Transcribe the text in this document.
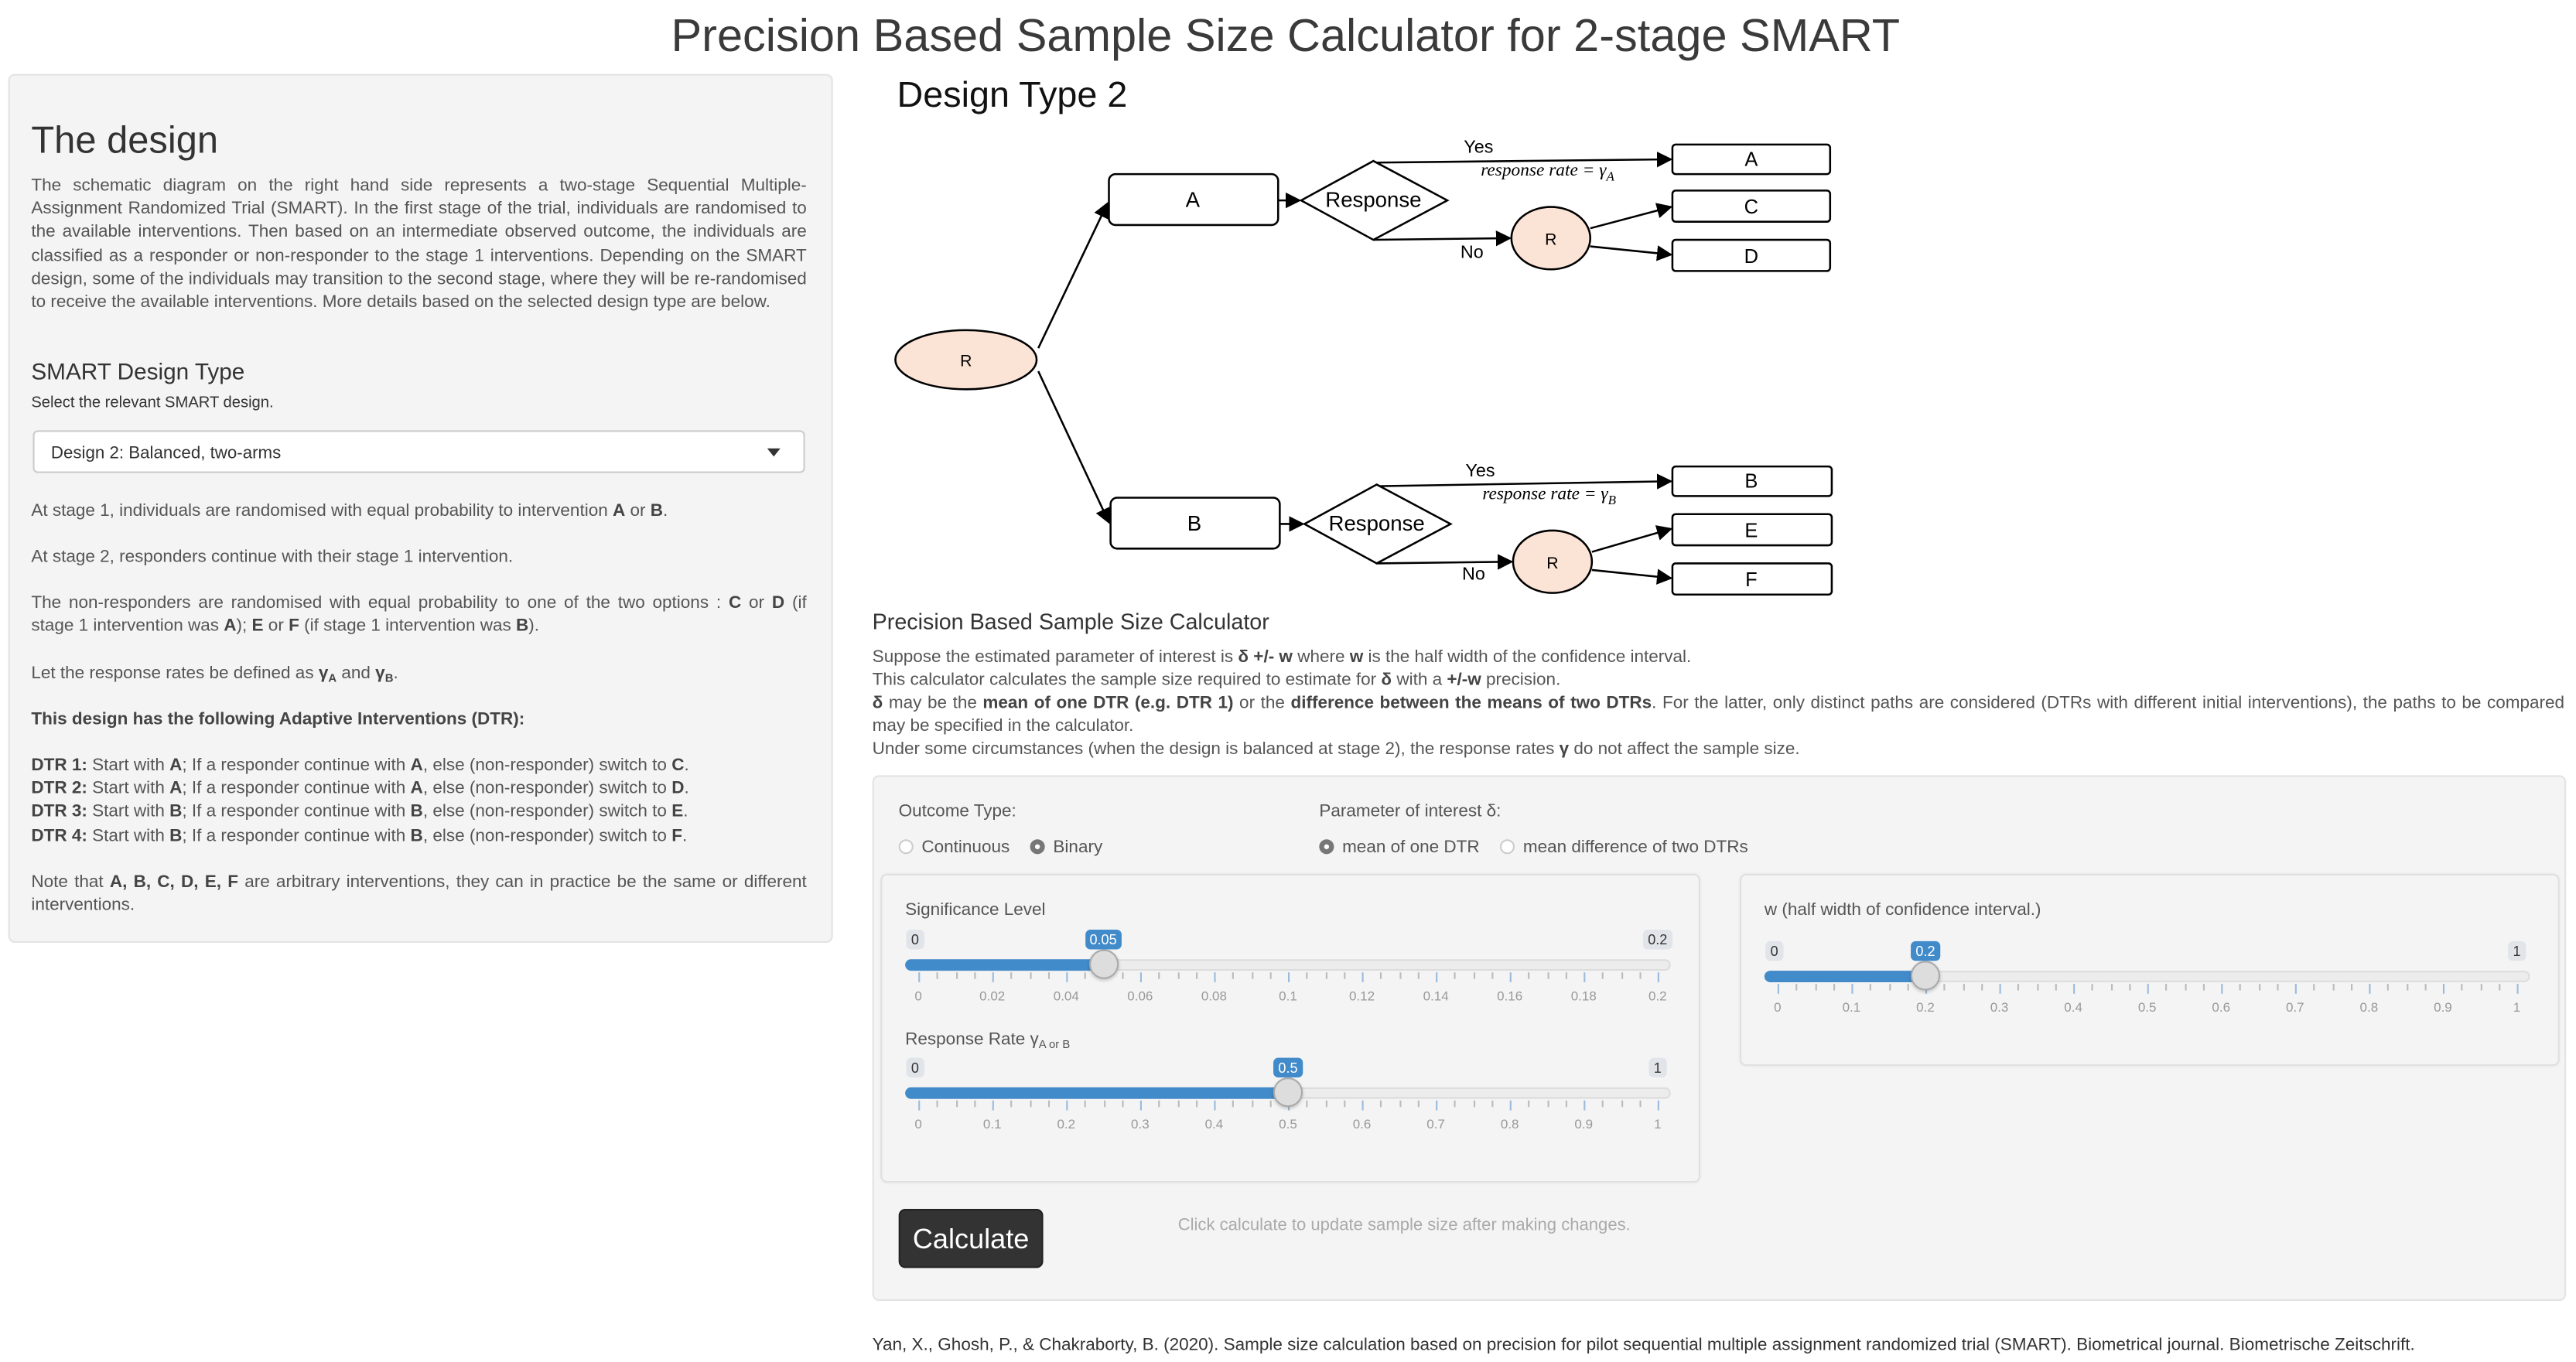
Precision Based Sample Size Calculator for 2-stage SMART
The design
The schematic diagram on the right hand side represents a two-stage Sequential Multiple-Assignment Randomized Trial (SMART). In the first stage of the trial, individuals are randomised to the available interventions. Then based on an intermediate observed outcome, the individuals are classified as a responder or non-responder to the stage 1 interventions. Depending on the SMART design, some of the individuals may transition to the second stage, where they will be re-randomised to receive the available interventions. More details based on the selected design type are below.
SMART Design Type
Select the relevant SMART design.
Design 2: Balanced, two-arms
At stage 1, individuals are randomised with equal probability to intervention A or B.
At stage 2, responders continue with their stage 1 intervention.
The non-responders are randomised with equal probability to one of the two options : C or D (if stage 1 intervention was A); E or F (if stage 1 intervention was B).
Let the response rates be defined as $\gamma_A$ and $\gamma_B$.
This design has the following Adaptive Interventions (DTR):
DTR 1: Start with A; If a responder continue with A, else (non-responder) switch to C.
DTR 2: Start with A; If a responder continue with A, else (non-responder) switch to D.
DTR 3: Start with B; If a responder continue with B, else (non-responder) switch to E.
DTR 4: Start with B; If a responder continue with B, else (non-responder) switch to F.
Note that A, B, C, D, E, F are arbitrary interventions, they can in practice be the same or different interventions.
Design Type 2
R
R
R
A
B
Response
Response
Yes
Yes
No
No
response rate = $\gamma_A$
response rate = $\gamma_B$
A
C
D
B
E
F
Precision Based Sample Size Calculator
Suppose the estimated parameter of interest is δ +/- w where w is the half width of the confidence interval.
This calculator calculates the sample size required to estimate for δ with a +/-w precision.
δ may be the mean of one DTR (e.g. DTR 1) or the difference between the means of two DTRs. For the latter, only distinct paths are considered (DTRs with different initial interventions), the paths to be compared may be specified in the calculator.
Under some circumstances (when the design is balanced at stage 2), the response rates γ do not affect the sample size.
Outcome Type:
Continuous	Binary
Parameter of interest δ:
mean of one DTR	mean difference of two DTRs
Significance Level
0	0.02	0.04	0.06	0.08	0.1	0.12	0.14	0.16	0.18	0.2
0	0.2
0.05
Response Rate $\gamma_{A or B}$
0	0.1	0.2	0.3	0.4	0.5	0.6	0.7	0.8	0.9	1
0	1
0.5
w (half width of confidence interval.)
0	0.1	0.2	0.3	0.4	0.5	0.6	0.7	0.8	0.9	1
0	1
0.2
Calculate	Click calculate to update sample size after making changes.
Yan, X., Ghosh, P., & Chakraborty, B. (2020). Sample size calculation based on precision for pilot sequential multiple assignment randomized trial (SMART). Biometrical journal. Biometrische Zeitschrift.
